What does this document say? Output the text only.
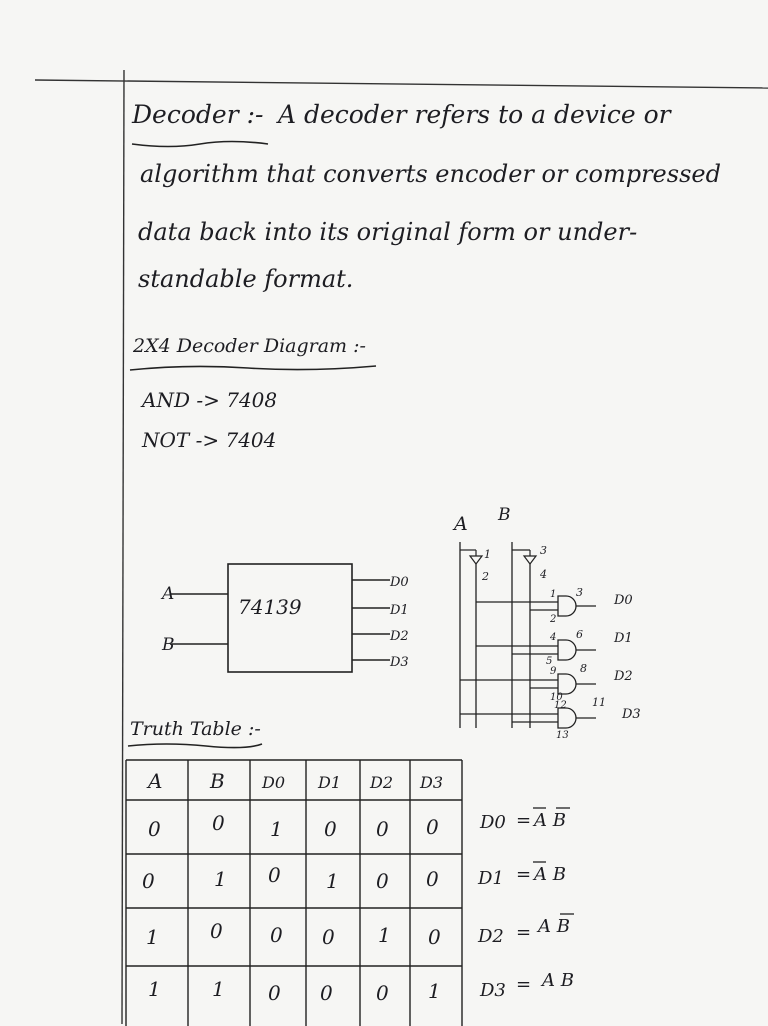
Decoder :- A decoder refers to a device or
algorithm that converts encoder or compressed
data back into its original form or under-
standable format.
2X4 Decoder Diagram :-
AND -> 7408
NOT -> 7404
74139
A
B
D0
D1
D2
D3
A B
1
2
3
4
1
2
3
D0
4
5
6 D1
9
10
8
D2
12
13
11
D3
Truth Table :-
A B D0 D1 D2 D3
0	0 1 0 0 0
0	1 0 1 0 0
1	0 0 0 1 0
1	1 0 0 0 1
D0 = A B
D1 = A B
D2 = A B
D3 = A B
